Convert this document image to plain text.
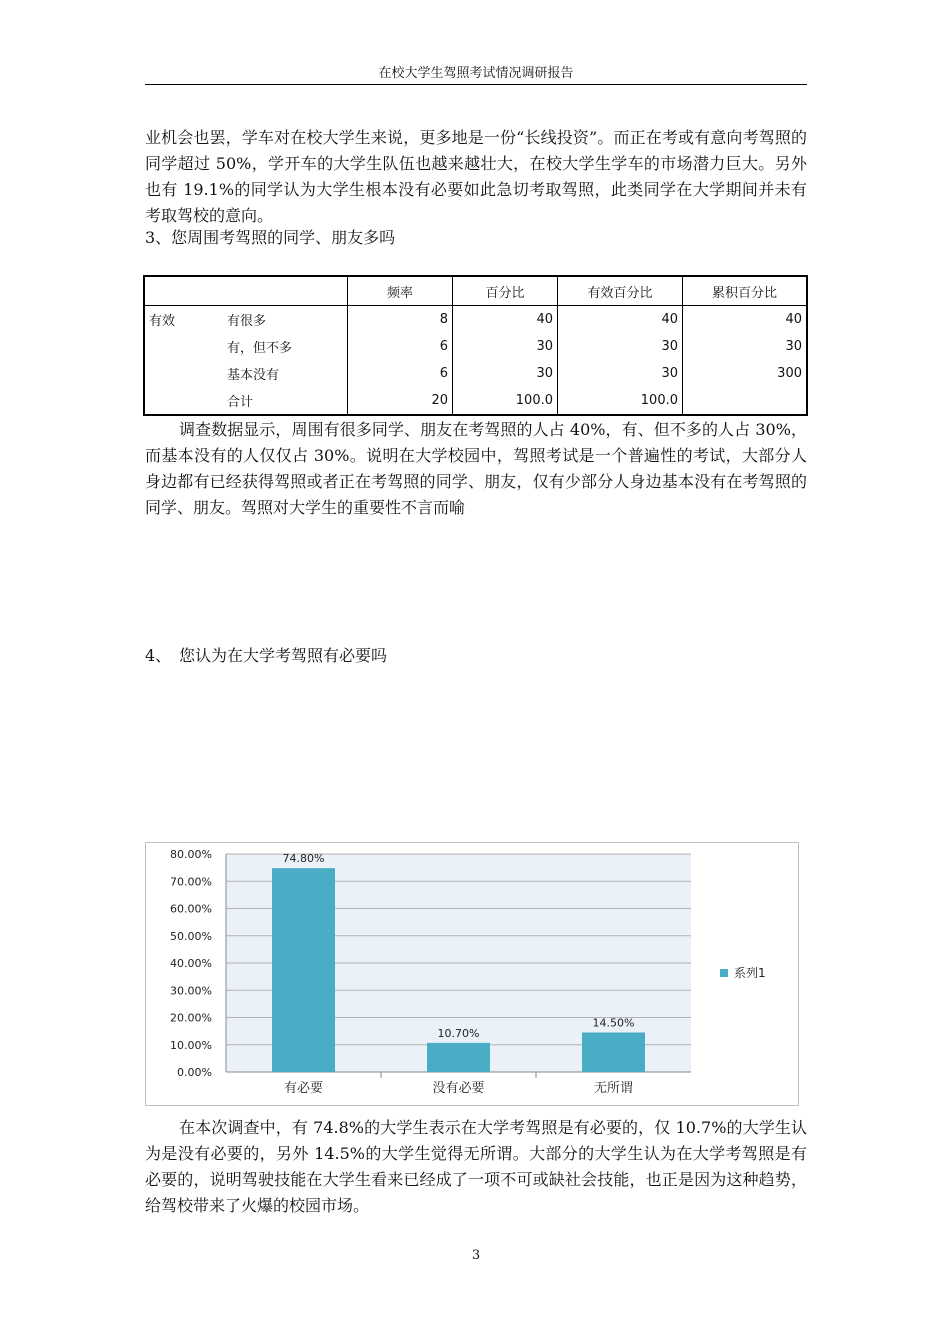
在校大学生驾照考试情况调研报告

业机会也罢，学车对在校大学生来说，更多地是一份“长线投资”。而正在考或有意向考驾照的同学超过 50%，学开车的大学生队伍也越来越壮大，在校大学生学车的市场潜力巨大。另外也有 19.1%的同学认为大学生根本没有必要如此急切考取驾照，此类同学在大学期间并未有考取驾校的意向。

3、您周围考驾照的同学、朋友多吗

		频率	百分比	有效百分比	累积百分比
有效	有很多	8	40	40	40
	有，但不多	6	30	30	30
	基本没有	6	30	30	300
	合计	20	100.0	100.0	

调查数据显示，周围有很多同学、朋友在考驾照的人占 40%，有、但不多的人占 30%，而基本没有的人仅仅占 30%。说明在大学校园中，驾照考试是一个普遍性的考试，大部分人身边都有已经获得驾照或者正在考驾照的同学、朋友，仅有少部分人身边基本没有在考驾照的同学、朋友。驾照对大学生的重要性不言而喻

4、 您认为在大学考驾照有必要吗

0.00%
10.00%
20.00%
30.00%
40.00%
50.00%
60.00%
70.00%
80.00%	74.80%
有必要
10.70%
没有必要
14.50%
无所谓
系列1

在本次调查中，有 74.8%的大学生表示在大学考驾照是有必要的，仅 10.7%的大学生认为是没有必要的，另外 14.5%的大学生觉得无所谓。大部分的大学生认为在大学考驾照是有必要的，说明驾驶技能在大学生看来已经成了一项不可或缺社会技能，也正是因为这种趋势，给驾校带来了火爆的校园市场。

3
